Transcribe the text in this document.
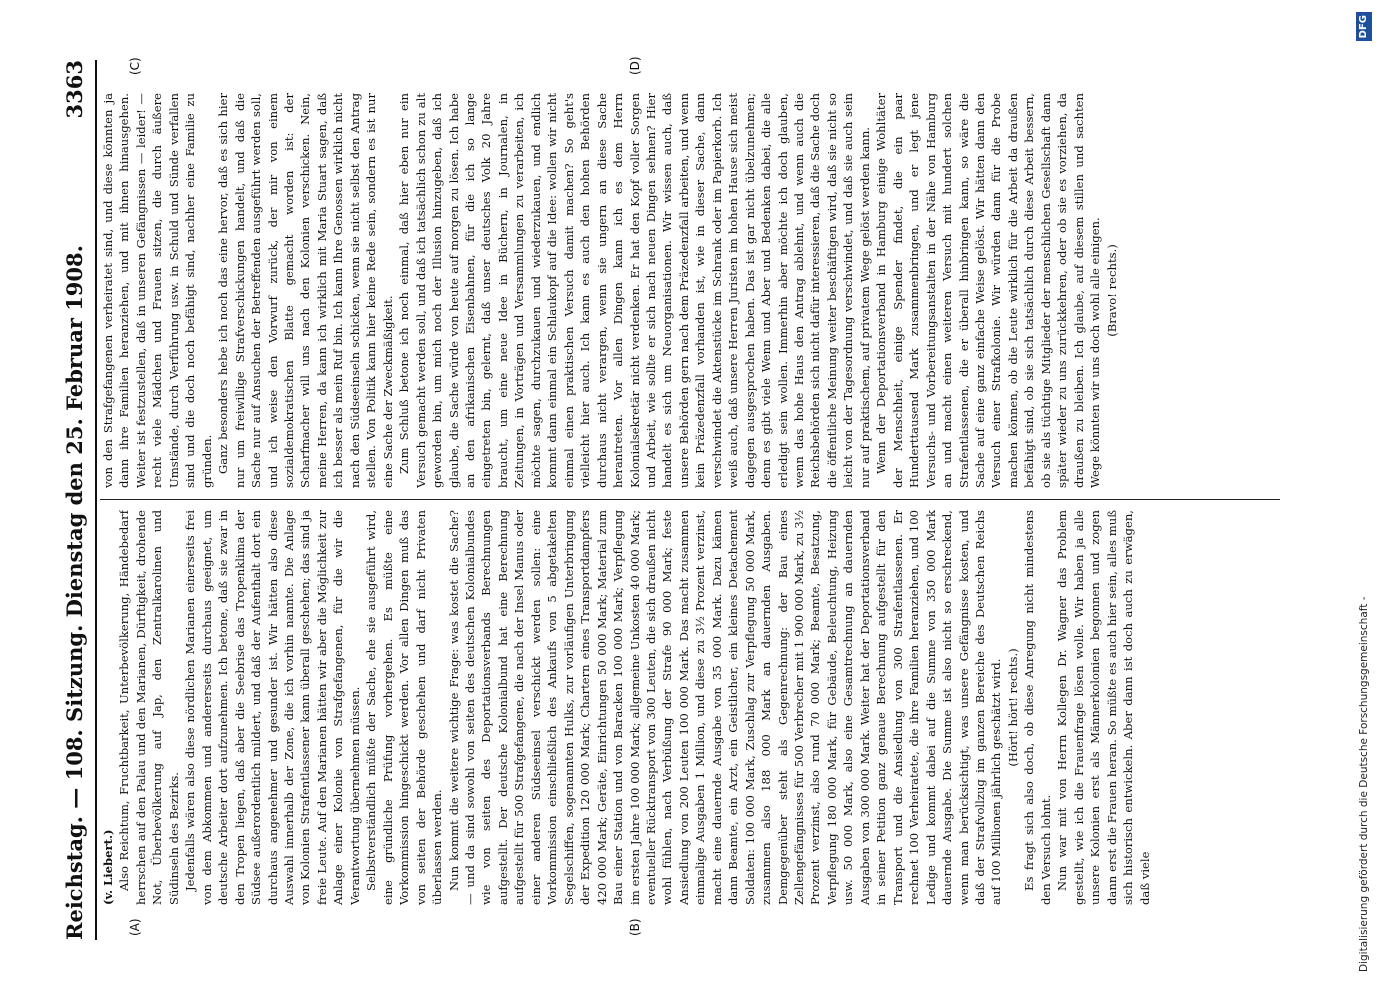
Reichstag. — 108. Sitzung. Dienstag den 25. Februar 1908.
3363
(A)	(B)
(C)	(D)

(v. Liebert.) Also Reichtum, Fruchtbarkeit, Unterbevölkerung, Händebedarf herrschen auf den Palau und den Marianen, Dürftigkeit, drohende Not, Überbevölkerung auf Jap, den Zentralkarolinen und Südinseln des Bezirks. Jedenfalls wären also diese nördlichen Marianen einerseits frei von dem Abkommen und andererseits durchaus geeignet, um deutsche Arbeiter dort aufzunehmen. Ich betone, daß sie zwar in den Tropen liegen, daß aber die Seebrise das Tropenklima der Südsee außerordentlich mildert, und daß der Aufenthalt dort ein durchaus angenehmer und gesunder ist. Wir hätten also diese Auswahl innerhalb der Zone, die ich vorhin nannte. Die Anlage von Kolonien Strafentlassener kann überall geschehen; das sind ja freie Leute. Auf den Marianen hätten wir aber die Möglichkeit zur Anlage einer Kolonie von Strafgefangenen, für die wir die Verantwortung übernehmen müssen. Selbstverständlich müßte der Sache, ehe sie ausgeführt wird, eine gründliche Prüfung vorhergehen. Es müßte eine Vorkommission hingeschickt werden. Vor allen Dingen muß das von seiten der Behörde geschehen und darf nicht Privaten überlassen werden. Nun kommt die weitere wichtige Frage: was kostet die Sache? — und da sind sowohl von seiten des deutschen Kolonialbundes wie von seiten des Deportationsverbands Berechnungen aufgestellt. Der deutsche Kolonialbund hat eine Berechnung aufgestellt für 500 Strafgefangene, die nach der Insel Manus oder einer anderen Südseeinsel verschickt werden sollen: eine Vorkommission einschließlich des Ankaufs von 5 abgetakelten Segelschiffen, sogenannten Hulks, zur vorläufigen Unterbringung der Expedition 120 000 Mark; Chartern eines Transportdampfers 420 000 Mark; Geräte, Einrichtungen 50 000 Mark; Material zum Bau einer Station und von Baracken 100 000 Mark; Verpflegung im ersten Jahre 100 000 Mark; allgemeine Unkosten 40 000 Mark; eventueller Rücktransport von 300 Leuten, die sich draußen nicht wohl fühlen, nach Verbüßung der Strafe 90 000 Mark; feste Ansiedlung von 200 Leuten 100 000 Mark. Das macht zusammen einmalige Ausgaben 1 Million, und diese zu 3½ Prozent verzinst, macht eine dauernde Ausgabe von 35 000 Mark. Dazu kämen dann Beamte, ein Arzt, ein Geistlicher, ein kleines Detachement Soldaten: 100 000 Mark, Zuschlag zur Verpflegung 50 000 Mark, zusammen also 188 000 Mark an dauernden Ausgaben. Demgegenüber steht als Gegenrechnung: der Bau eines Zellengefängnisses für 500 Verbrecher mit 1 900 000 Mark, zu 3½ Prozent verzinst, also rund 70 000 Mark; Beamte, Besatzung, Verpflegung 180 000 Mark, für Gebäude, Beleuchtung, Heizung usw. 50 000 Mark, also eine Gesamtrechnung an dauernden Ausgaben von 300 000 Mark. Weiter hat der Deportationsverband in seiner Petition ganz genaue Berechnung aufgestellt für den Transport und die Ansiedlung von 300 Strafentlassenen. Er rechnet 100 Verheiratete, die ihre Familien heranziehen, und 100 Ledige und kommt dabei auf die Summe von 350 000 Mark dauernde Ausgabe. Die Summe ist also nicht so erschreckend, wenn man berücksichtigt, was unsere Gefängnisse kosten, und daß der Strafvollzug im ganzen Bereiche des Deutschen Reichs auf 100 Millionen jährlich geschätzt wird. (Hört! hört! rechts.) Es fragt sich also doch, ob diese Anregung nicht mindestens den Versuch lohnt. Nun war mit von Herrn Kollegen Dr. Wagner das Problem gestellt, wie ich die Frauenfrage lösen wolle. Wir haben ja alle unsere Kolonien erst als Männerkolonien begonnen und zogen dann erst die Frauen heran. So müßte es auch hier sein, alles muß sich historisch entwickeln. Aber dann ist doch auch zu erwägen, daß viele

von den Strafgefangenen verheiratet sind, und diese könnten ja dann ihre Familien heranziehen, und mit ihnen hinausgehen. Weiter ist festzustellen, daß in unseren Gefängnissen — leider! — recht viele Mädchen und Frauen sitzen, die durch äußere Umstände, durch Verführung usw. in Schuld und Sünde verfallen sind und die doch noch befähigt sind, nachher eine Familie zu gründen. Ganz besonders hebe ich noch das eine hervor, daß es sich hier nur um freiwillige Strafverschickungen handelt, und daß die Sache nur auf Ansuchen der Betreffenden ausgeführt werden soll, und ich weise den Vorwurf zurück, der mir von einem sozialdemokratischen Blatte gemacht worden ist: der Scharfmacher will uns nach den Kolonien verschicken. Nein, meine Herren, da kann ich wirklich mit Maria Stuart sagen, daß ich besser als mein Ruf bin. Ich kann Ihre Genossen wirklich nicht nach den Südseeinseln schicken, wenn sie nicht selbst den Antrag stellen. Von Politik kann hier keine Rede sein, sondern es ist nur eine Sache der Zweckmäßigkeit. Zum Schluß betone ich noch einmal, daß hier eben nur ein Versuch gemacht werden soll, und daß ich tatsächlich schon zu alt geworden bin, um mich noch der Illusion hinzugeben, daß ich glaube, die Sache würde von heute auf morgen zu lösen. Ich habe an den afrikanischen Eisenbahnen, für die ich so lange eingetreten bin, gelernt, daß unser deutsches Volk 20 Jahre braucht, um eine neue Idee in Büchern, in Journalen, in Zeitungen, in Vorträgen und Versammlungen zu verarbeiten, ich möchte sagen, durchzukauen und wiederzukauen, und endlich kommt dann einmal ein Schlaukopf auf die Idee: wollen wir nicht einmal einen praktischen Versuch damit machen? So geht's vielleicht hier auch. Ich kann es auch den hohen Behörden durchaus nicht verargen, wenn sie ungern an diese Sache herantreten. Vor allen Dingen kann ich es dem Herrn Kolonialsekretär nicht verdenken. Er hat den Kopf voller Sorgen und Arbeit, wie sollte er sich nach neuen Dingen sehnen? Hier handelt es sich um Neuorganisationen. Wir wissen auch, daß unsere Behörden gern nach dem Präzedenzfall arbeiten, und wenn kein Präzedenzfall vorhanden ist, wie in dieser Sache, dann verschwindet die Aktenstücke im Schrank oder im Papierkorb. Ich weiß auch, daß unsere Herren Juristen im hohen Hause sich meist dagegen ausgesprochen haben. Das ist gar nicht übelzunehmen; denn es gibt viele Wenn und Aber und Bedenken dabei, die alle erledigt sein wollen. Immerhin aber möchte ich doch glauben, wenn das hohe Haus den Antrag ablehnt, und wenn auch die Reichsbehörden sich nicht dafür interessieren, daß die Sache doch die öffentliche Meinung weiter beschäftigen wird, daß sie nicht so leicht von der Tagesordnung verschwindet, und daß sie auch sein nur auf praktischem, auf privatem Wege gelöst werden kann. Wenn der Deportationsverband in Hamburg einige Wohltäter der Menschheit, einige Spender findet, die ein paar Hunderttausend Mark zusammenbringen, und er legt jene Versuchs- und Vorbereitungsanstalten in der Nähe von Hamburg an und macht einen weiteren Versuch mit hundert solchen Strafentlassenen, die er überall hinbringen kann, so wäre die Sache auf eine ganz einfache Weise gelöst. Wir hätten dann den Versuch einer Strafkolonie. Wir würden dann für die Probe machen können, ob die Leute wirklich für die Arbeit da draußen befähigt sind, ob sie sich tatsächlich durch diese Arbeit bessern, ob sie als tüchtige Mitglieder der menschlichen Gesellschaft dann später wieder zu uns zurückkehren, oder ob sie es vorziehen, da draußen zu bleiben. Ich glaube, auf diesem stillen und sachten Wege könnten wir uns doch wohl alle einigen. (Bravo! rechts.)

Digitalisierung gefördert durch die Deutsche Forschungsgemeinschaft -
DFG
